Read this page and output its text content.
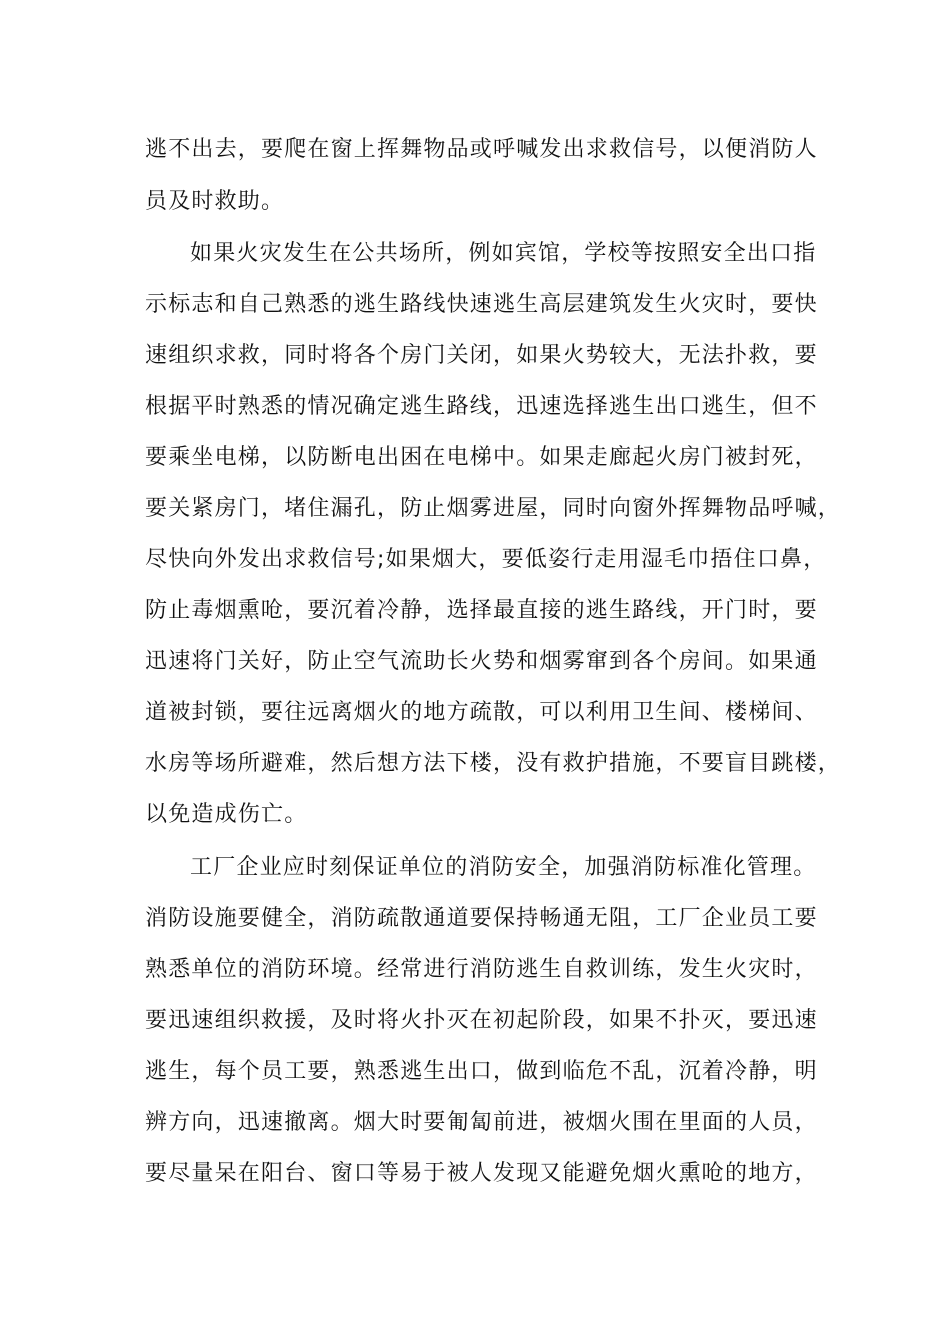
逃不出去，要爬在窗上挥舞物品或呼喊发出求救信号，以便消防人
员及时救助。
如果火灾发生在公共场所，例如宾馆，学校等按照安全出口指
示标志和自己熟悉的逃生路线快速逃生高层建筑发生火灾时，要快
速组织求救，同时将各个房门关闭，如果火势较大，无法扑救，要
根据平时熟悉的情况确定逃生路线，迅速选择逃生出口逃生，但不
要乘坐电梯，以防断电出困在电梯中。如果走廊起火房门被封死，
要关紧房门，堵住漏孔，防止烟雾进屋，同时向窗外挥舞物品呼喊，
尽快向外发出求救信号;如果烟大，要低姿行走用湿毛巾捂住口鼻，
防止毒烟熏呛，要沉着冷静，选择最直接的逃生路线，开门时，要
迅速将门关好，防止空气流助长火势和烟雾窜到各个房间。如果通
道被封锁，要往远离烟火的地方疏散，可以利用卫生间、楼梯间、
水房等场所避难，然后想方法下楼，没有救护措施，不要盲目跳楼，
以免造成伤亡。
工厂企业应时刻保证单位的消防安全，加强消防标准化管理。
消防设施要健全，消防疏散通道要保持畅通无阻，工厂企业员工要
熟悉单位的消防环境。经常进行消防逃生自救训练，发生火灾时，
要迅速组织救援，及时将火扑灭在初起阶段，如果不扑灭，要迅速
逃生，每个员工要，熟悉逃生出口，做到临危不乱，沉着冷静，明
辨方向，迅速撤离。烟大时要匍匐前进，被烟火围在里面的人员，
要尽量呆在阳台、窗口等易于被人发现又能避免烟火熏呛的地方，
